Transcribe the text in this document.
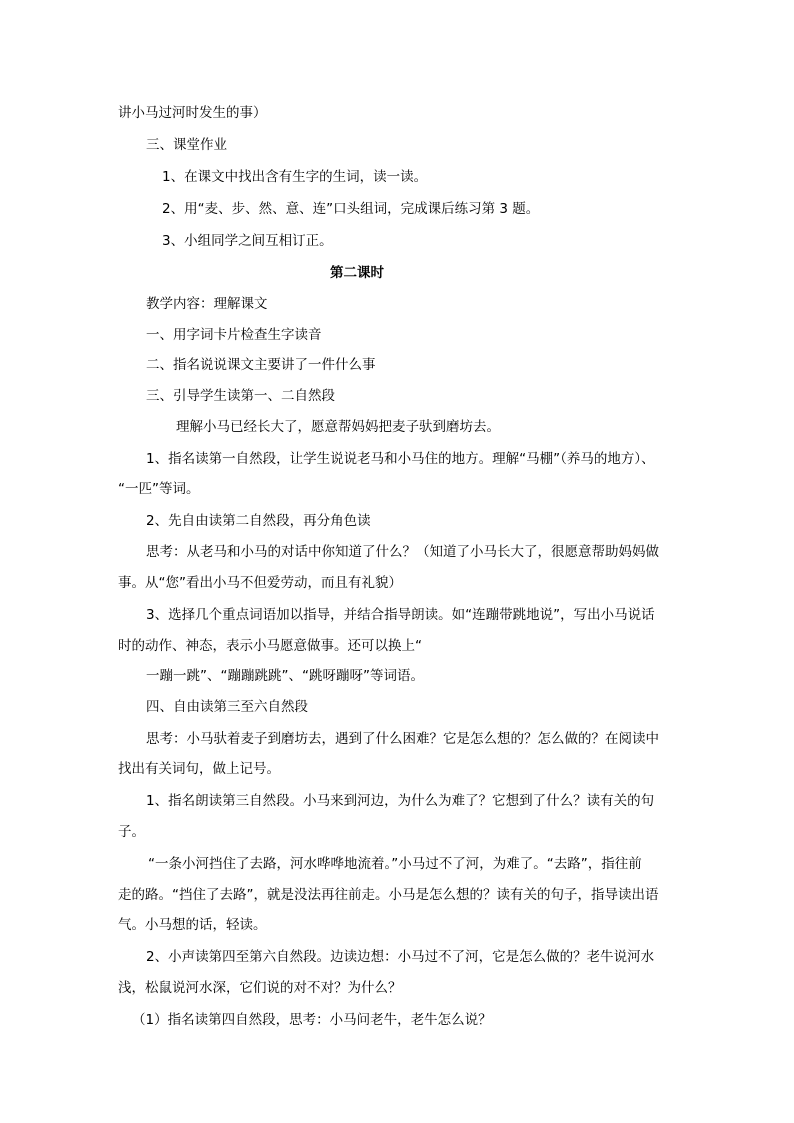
讲小马过河时发生的事）
三、课堂作业
1、在课文中找出含有生字的生词，读一读。
2、用“麦、步、然、意、连”口头组词，完成课后练习第 3 题。
3、小组同学之间互相订正。
第二课时
教学内容：理解课文
一、用字词卡片检查生字读音
二、指名说说课文主要讲了一件什么事
三、引导学生读第一、二自然段
理解小马已经长大了，愿意帮妈妈把麦子驮到磨坊去。
1、指名读第一自然段，让学生说说老马和小马住的地方。理解“马棚”（养马的地方）、
“一匹”等词。
2、先自由读第二自然段，再分角色读
思考：从老马和小马的对话中你知道了什么？（知道了小马长大了，很愿意帮助妈妈做
事。从“您”看出小马不但爱劳动，而且有礼貌）
3、选择几个重点词语加以指导，并结合指导朗读。如“连蹦带跳地说”，写出小马说话
时的动作、神态，表示小马愿意做事。还可以换上“
一蹦一跳”、“蹦蹦跳跳”、“跳呀蹦呀”等词语。
四、自由读第三至六自然段
思考：小马驮着麦子到磨坊去，遇到了什么困难？它是怎么想的？怎么做的？在阅读中
找出有关词句，做上记号。
1、指名朗读第三自然段。小马来到河边，为什么为难了？它想到了什么？读有关的句
子。
“一条小河挡住了去路，河水哗哗地流着。”小马过不了河，为难了。“去路”，指往前
走的路。“挡住了去路”，就是没法再往前走。小马是怎么想的？读有关的句子，指导读出语
气。小马想的话，轻读。
2、小声读第四至第六自然段。边读边想：小马过不了河，它是怎么做的？老牛说河水
浅，松鼠说河水深，它们说的对不对？为什么？
（1）指名读第四自然段，思考：小马问老牛，老牛怎么说？
